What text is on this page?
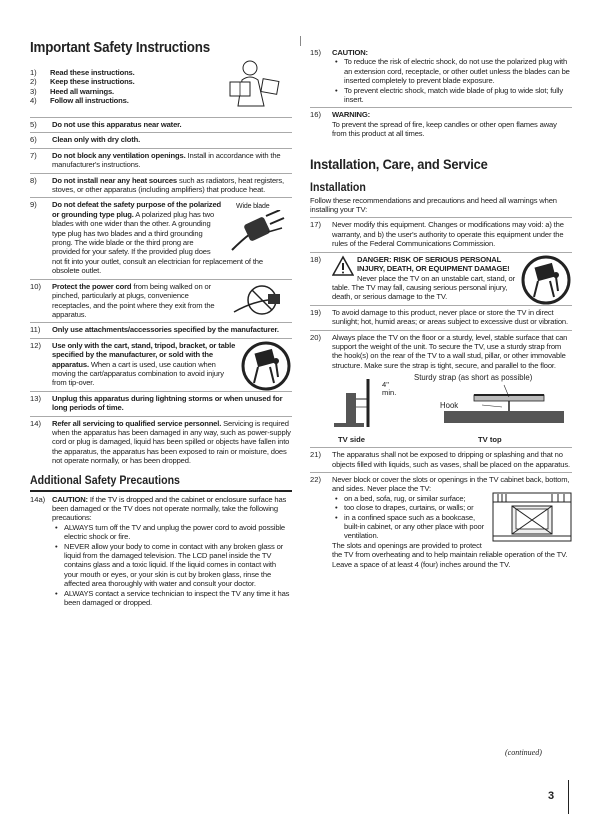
Important Safety Instructions
1) Read these instructions.
2) Keep these instructions.
3) Heed all warnings.
4) Follow all instructions.
5)	Do not use this apparatus near water.
6)	Clean only with dry cloth.
7)	Do not block any ventilation openings. Install in accordance with the manufacturer's instructions.
8)	Do not install near any heat sources such as radiators, heat registers, stoves, or other apparatus (including amplifiers) that produce heat.
9)	Wide blade
Do not defeat the safety purpose of the polarized or grounding type plug. A polarized plug has two blades with one wider than the other. A grounding type plug has two blades and a third grounding prong. The wide blade or the third prong are provided for your safety. If the provided plug does not fit into your outlet, consult an electrician for replacement of the obsolete outlet.
10)	Protect the power cord from being walked on or pinched, particularly at plugs, convenience receptacles, and the point where they exit from the apparatus.
11)	Only use attachments/accessories specified by the manufacturer.
12)	Use only with the cart, stand, tripod, bracket, or table specified by the manufacturer, or sold with the apparatus. When a cart is used, use caution when moving the cart/apparatus combination to avoid injury from tip-over.
13)	Unplug this apparatus during lightning storms or when unused for long periods of time.
14)	Refer all servicing to qualified service personnel. Servicing is required when the apparatus has been damaged in any way, such as power-supply cord or plug is damaged, liquid has been spilled or objects have fallen into the apparatus, the apparatus has been exposed to rain or moisture, does not operate normally, or has been dropped.
Additional Safety Precautions
14a) CAUTION: If the TV is dropped and the cabinet or enclosure surface has been damaged or the TV does not operate normally, take the following precautions:
• ALWAYS turn off the TV and unplug the power cord to avoid possible electric shock or fire.
• NEVER allow your body to come in contact with any broken glass or liquid from the damaged television. The LCD panel inside the TV contains glass and a toxic liquid. If the liquid comes in contact with your mouth or eyes, or your skin is cut by broken glass, rinse the affected area thoroughly with water and consult your doctor.
• ALWAYS contact a service technician to inspect the TV any time it has been damaged or dropped.
15)	CAUTION:
• To reduce the risk of electric shock, do not use the polarized plug with an extension cord, receptacle, or other outlet unless the blades can be inserted completely to prevent blade exposure.
• To prevent electric shock, match wide blade of plug to wide slot; fully insert.
16)	WARNING:
To prevent the spread of fire, keep candles or other open flames away from this product at all times.
Installation, Care, and Service
Installation
Follow these recommendations and precautions and heed all warnings when installing your TV:
17)	Never modify this equipment. Changes or modifications may void: a) the warranty, and b) the user's authority to operate this equipment under the rules of the Federal Communications Commission.
18)	DANGER: RISK OF SERIOUS PERSONAL INJURY, DEATH, OR EQUIPMENT DAMAGE! Never place the TV on an unstable cart, stand, or table. The TV may fall, causing serious personal injury, death, or serious damage to the TV.
19)	To avoid damage to this product, never place or store the TV in direct sunlight; hot, humid areas; or areas subject to excessive dust or vibration.
20)	Always place the TV on the floor or a sturdy, level, stable surface that can support the weight of the unit. To secure the TV, use a sturdy strap from the hook(s) on the rear of the TV to a wall stud, pillar, or other immovable structure. Make sure the strap is tight, secure, and parallel to the floor.
4" min.
Sturdy strap (as short as possible)
Hook
TV side	TV top
21)	The apparatus shall not be exposed to dripping or splashing and that no objects filled with liquids, such as vases, shall be placed on the apparatus.
22)	Never block or cover the slots or openings in the TV cabinet back, bottom, and sides. Never place the TV:
• on a bed, sofa, rug, or similar surface;
• too close to drapes, curtains, or walls; or
• in a confined space such as a bookcase, built-in cabinet, or any other place with poor ventilation.
The slots and openings are provided to protect the TV from overheating and to help maintain reliable operation of the TV. Leave a space of at least 4 (four) inches around the TV.
(continued)
3
